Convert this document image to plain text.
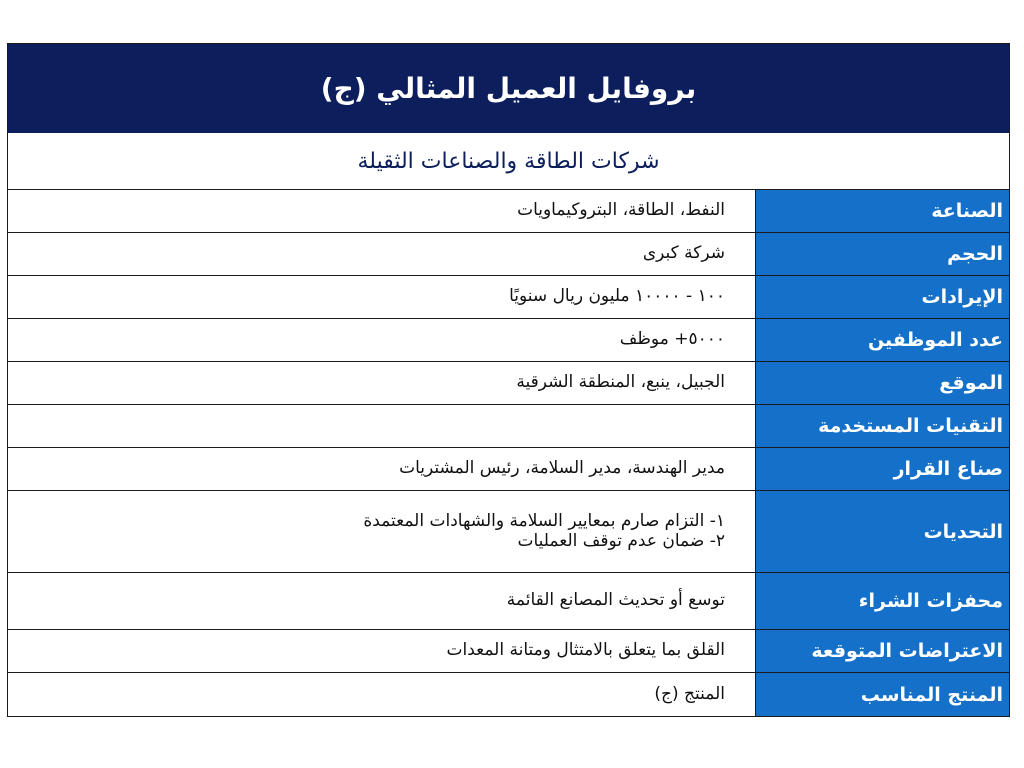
بروفايل العميل المثالي (ج)
شركات الطاقة والصناعات الثقيلة
الصناعة
النفط، الطاقة، البتروكيماويات
الحجم
شركة كبرى
الإيرادات
١٠٠ - ١٠٠٠٠ مليون ريال سنويًا
عدد الموظفين
٥٠٠٠+ موظف
الموقع
الجبيل، ينبع، المنطقة الشرقية
التقنيات المستخدمة
صناع القرار
مدير الهندسة، مدير السلامة، رئيس المشتريات
التحديات
١- التزام صارم بمعايير السلامة والشهادات المعتمدة
٢- ضمان عدم توقف العمليات
محفزات الشراء
توسع أو تحديث المصانع القائمة
الاعتراضات المتوقعة
القلق بما يتعلق بالامتثال ومتانة المعدات
المنتج المناسب
المنتج (ج)
